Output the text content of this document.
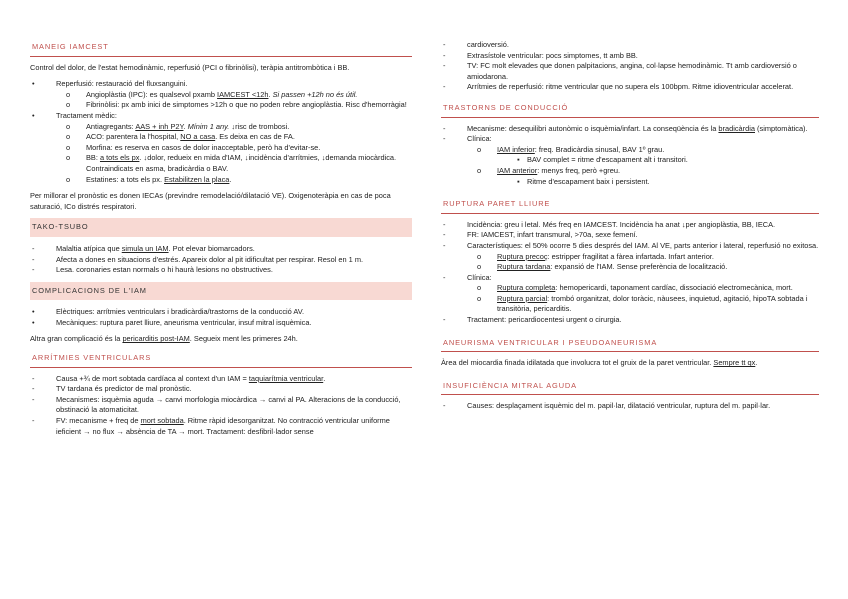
MANEIG IAMCEST

Control del dolor, de l'estat hemodinàmic, reperfusió (PCI o fibrinòlisi), teràpia antitrombòtica i BB.

• Reperfusió: restauració del fluxsanguini.
o Angioplàstia (IPC): es qualsevol pxamb IAMCEST <12h. Si passen +12h no és útil.
o Fibrinòlisi: px amb inici de simptomes >12h o que no poden rebre angioplàstia. Risc d'hemorràgia!
• Tractament mèdic:
o Antiagregants: AAS + inh P2Y. Mínim 1 any. ↓risc de trombosi.
o ACO: parentera la l'hospital, NO a casa. Es deixa en cas de FA.
o Morfina: es reserva en casos de dolor inacceptable, però ha d'evitar-se.
o BB: a tots els px. ↓dolor, redueix en mida d'IAM, ↓incidència d'arrítmies, ↓demanda miocàrdica. Contraindicats en asma, bradicàrdia o BAV.
o Estatines: a tots els px. Estabilitzen la placa.

Per millorar el pronòstic es donen IECAs (previndre remodelació/dilatació VE). Oxigenoteràpia en cas de poca saturació, ICo distrés respiratori.

TAKO-TSUBO
- Malaltia atípica que simula un IAM. Pot elevar biomarcadors.
- Afecta a dones en situacions d'estrés. Apareix dolor al pit idificultat per respirar. Resol en 1 m.
- Lesa. coronaries estan normals o hi haurà lesions no obstructives.
COMPLICACIONS DE L'IAM
• Elèctriques: arrítmies ventriculars i bradicàrdia/trastorns de la conducció AV.
• Mecàniques: ruptura paret lliure, aneurisma ventricular, insuf mitral isquèmica.

Altra gran complicació és la pericarditis post-IAM. Segueix ment les primeres 24h.

ARRÍTMIES VENTRICULARS
- Causa +¾ de mort sobtada cardíaca al context d'un IAM = taquiarítmia ventricular.
- TV tardana és predictor de mal pronòstic.
- Mecanismes: isquèmia aguda → canvi morfologia miocàrdica → canvi al PA. Alteracions de la conducció, obstinació la atomaticitat.
- FV: mecanisme + freq de mort sobtada. Ritme ràpid idesorganitzat. No contracció ventricular uniforme ieficient → no flux → absència de TA → mort. Tractament: desfibril·lador sense
- cardioversió.
- Extrasístole ventricular: pocs simptomes, tt amb BB.
- TV: FC molt elevades que donen palpitacions, angina, col·lapse hemodinàmic. Tt amb cardioversió o amiodarona.
- Arrítmies de reperfusió: ritme ventricular que no supera els 100bpm. Ritme idioventricular accelerat.
TRASTORNS DE CONDUCCIÓ
- Mecanisme: desequilibri autonòmic o isquèmia/infart. La conseqüència és la bradicàrdia (simptomàtica).
- Clínica:
o IAM inferior: freq. Bradicàrdia sinusal, BAV 1º grau.
▪ BAV complet = ritme d'escapament alt i transitori.
o IAM anterior: menys freq, però +greu.
▪ Ritme d'escapament baix i persistent.
RUPTURA PARET LLIURE
- Incidència: greu i letal. Més freq en IAMCEST. Incidència ha anat ↓per angioplàstia, BB, IECA.
- FR: IAMCEST, infart transmural, >70a, sexe femení.
- Característiques: el 50% ocorre 5 dies després del IAM. Al VE, parts anterior i lateral, reperfusió no exitosa.
o Ruptura precoç: estripper fragilitat a fàrea infartada. Infart anterior.
o Ruptura tardana: expansió de l'IAM. Sense preferència de localització.
- Clínica:
o Ruptura completa: hemopericardi, taponament cardíac, dissociació electromecànica, mort.
o Ruptura parcial: trombó organitzat, dolor toràcic, nàusees, inquietud, agitació, hipoTA sobtada i transitòria, pericarditis.
- Tractament: pericardiocentesi urgent o cirurgia.
ANEURISMA VENTRICULAR I PSEUDOANEURISMA

Àrea del miocardia finada idilatada que involucra tot el gruix de la paret ventricular. Sempre tt qx.

INSUFICIÈNCIA MITRAL AGUDA
- Causes: desplaçament isquèmic del m. papil·lar, dilatació ventricular, ruptura del m. papil·lar.
